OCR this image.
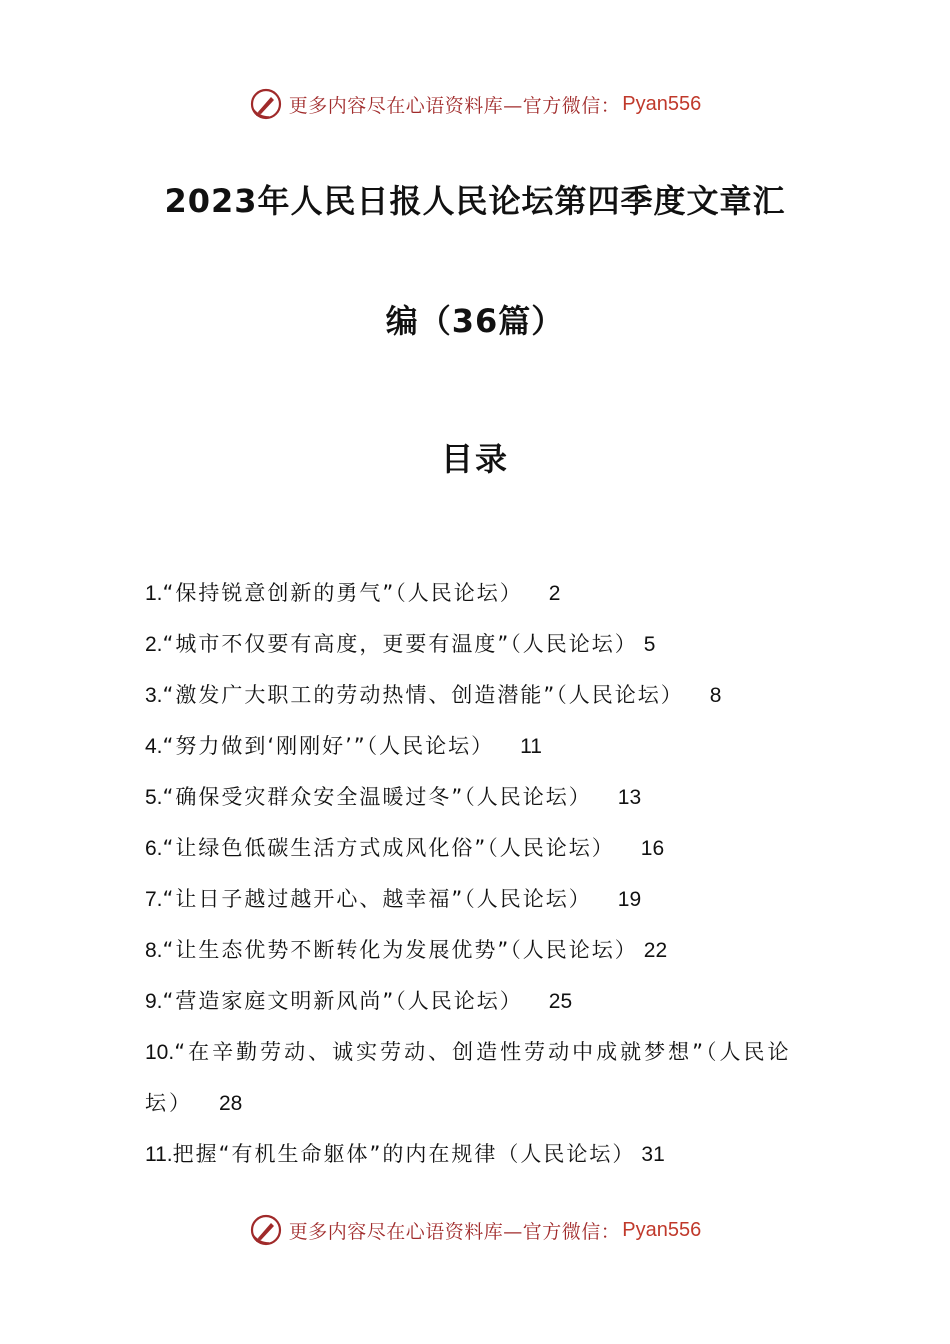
更多内容尽在心语资料库—官方微信： Pyan556
2023年人民日报人民论坛第四季度文章汇
编（36篇）
目录
1.“保持锐意创新的勇气”（人民论坛） 2
2.“城市不仅要有高度，更要有温度”（人民论坛） 5
3.“激发广大职工的劳动热情、创造潜能”（人民论坛） 8
4.“努力做到‘刚刚好’”（人民论坛） 11
5.“确保受灾群众安全温暖过冬”（人民论坛） 13
6.“让绿色低碳生活方式成风化俗”（人民论坛） 16
7.“让日子越过越开心、越幸福”（人民论坛） 19
8.“让生态优势不断转化为发展优势”（人民论坛） 22
9.“营造家庭文明新风尚”（人民论坛） 25
10.“在辛勤劳动、诚实劳动、创造性劳动中成就梦想”（人民论坛） 28
11.把握“有机生命躯体”的内在规律（人民论坛） 31
更多内容尽在心语资料库—官方微信： Pyan556
